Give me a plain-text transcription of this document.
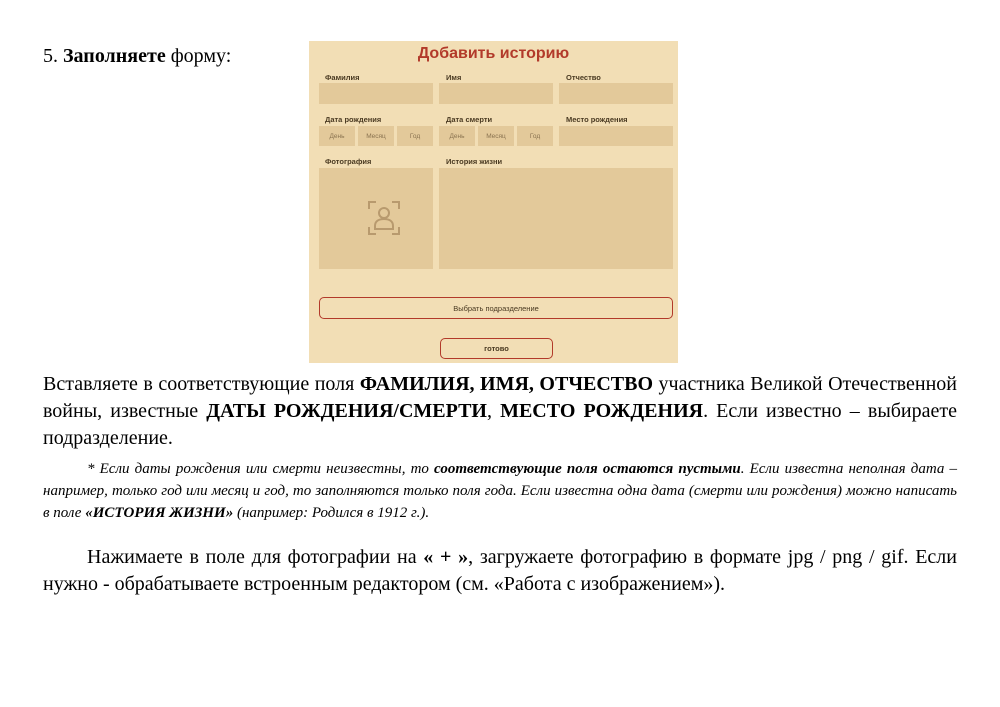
5. Заполняете форму:	Добавить историю
Фамилия	Имя	Отчество
Дата рождения
День	Месяц	Год
Дата смерти
День	Месяц	Год
Место рождения
Фотография	История жизни
Выбрать подразделение
готово
Вставляете в соответствующие поля ФАМИЛИЯ, ИМЯ, ОТЧЕСТВО участника Великой Отечественной войны, известные ДАТЫ РОЖДЕНИЯ/СМЕРТИ, МЕСТО РОЖДЕНИЯ. Если известно – выбираете подразделение.
* Если даты рождения или смерти неизвестны, то соответствующие поля остаются пустыми. Если известна неполная дата – например, только год или месяц и год, то заполняются только поля года. Если известна одна дата (смерти или рождения) можно написать в поле «ИСТОРИЯ ЖИЗНИ» (например: Родился в 1912 г.).
Нажимаете в поле для фотографии на « + », загружаете фотографию в формате jpg / png / gif. Если нужно - обрабатываете встроенным редактором (см. «Работа с изображением»).
